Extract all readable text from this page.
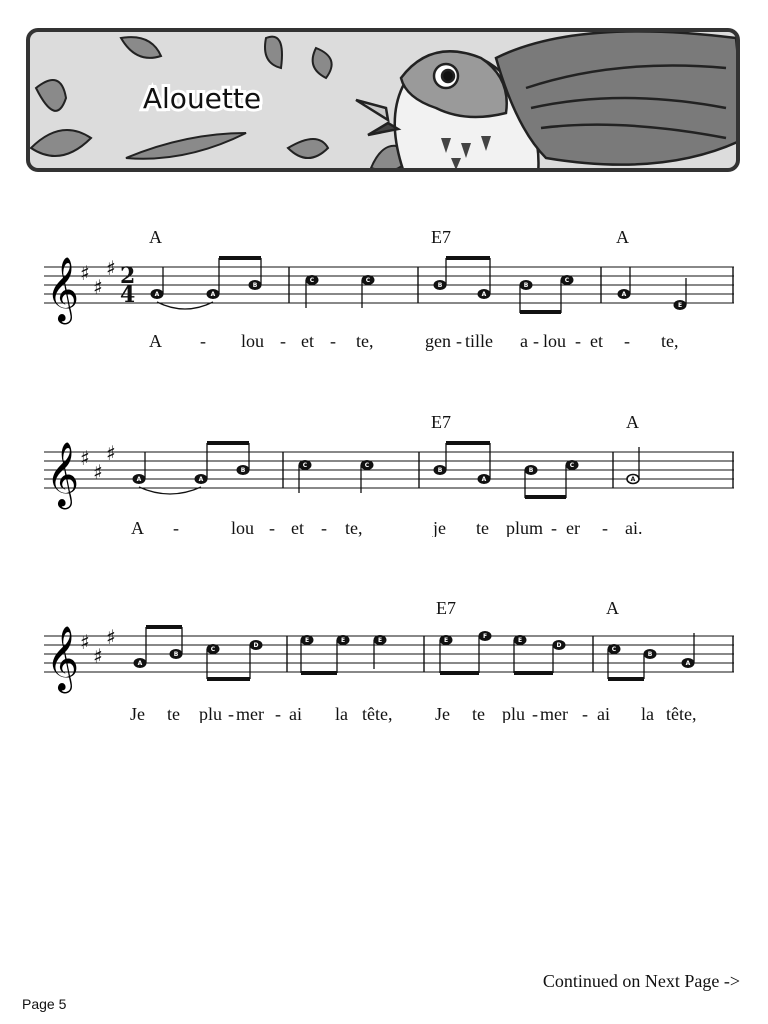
Alouette
A	E7	A
𝄞 ♯
♯
♯ 2
4	A	A
B
C	C
B
A
B
C
A
E
A - lou - et - te,	gen - tille a - lou - et - te,
E7	A
𝄞 ♯
♯
♯
A	A
B
C	C
B
A
B
C
A
A -	lou - et - te,	je te plum - er - ai.
E7	A
𝄞 ♯
♯
♯
A
B
C
D
E	E	E	E
F
E
D
C
B
A
Je te plu - mer - ai la tête, Je te plu - mer - ai la tête,
Continued on Next Page ->
Page 5
